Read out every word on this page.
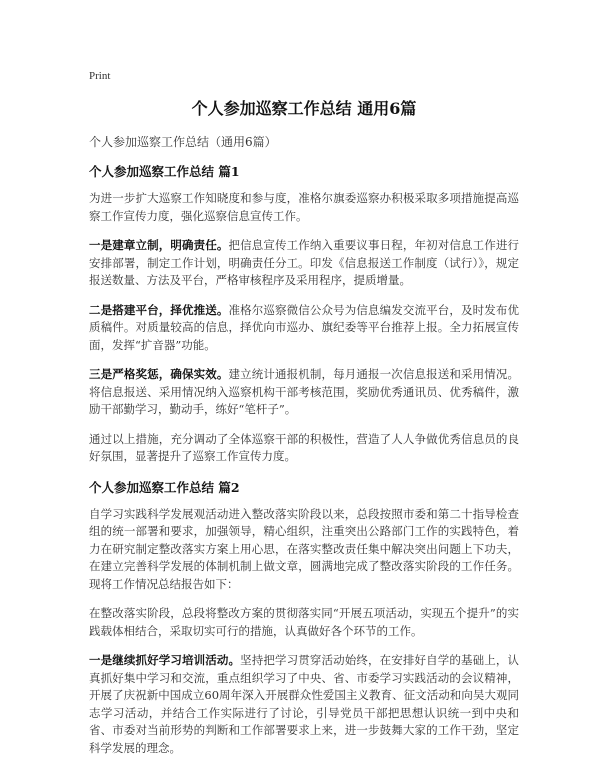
Print
个人参加巡察工作总结 通用6篇

个人参加巡察工作总结（通用6篇）

个人参加巡察工作总结 篇1

为进一步扩大巡察工作知晓度和参与度，准格尔旗委巡察办积极采取多项措施提高巡察工作宣传力度，强化巡察信息宣传工作。

一是建章立制，明确责任。把信息宣传工作纳入重要议事日程，年初对信息工作进行安排部署，制定工作计划，明确责任分工。印发《信息报送工作制度（试行）》，规定报送数量、方法及平台，严格审核程序及采用程序，提质增量。

二是搭建平台，择优推送。准格尔巡察微信公众号为信息编发交流平台，及时发布优质稿件。对质量较高的信息，择优向市巡办、旗纪委等平台推荐上报。全力拓展宣传面，发挥“扩音器”功能。

三是严格奖惩，确保实效。建立统计通报机制，每月通报一次信息报送和采用情况。将信息报送、采用情况纳入巡察机构干部考核范围，奖励优秀通讯员、优秀稿件，激励干部勤学习，勤动手，练好“笔杆子”。

通过以上措施，充分调动了全体巡察干部的积极性，营造了人人争做优秀信息员的良好氛围，显著提升了巡察工作宣传力度。

个人参加巡察工作总结 篇2

自学习实践科学发展观活动进入整改落实阶段以来，总段按照市委和第二十指导检查组的统一部署和要求，加强领导，精心组织，注重突出公路部门工作的实践特色，着力在研究制定整改落实方案上用心思，在落实整改责任集中解决突出问题上下功夫，在建立完善科学发展的体制机制上做文章，圆满地完成了整改落实阶段的工作任务。现将工作情况总结报告如下：

在整改落实阶段，总段将整改方案的贯彻落实同“开展五项活动，实现五个提升”的实践载体相结合，采取切实可行的措施，认真做好各个环节的工作。

一是继续抓好学习培训活动。坚持把学习贯穿活动始终，在安排好自学的基础上，认真抓好集中学习和交流，重点组织学习了中央、省、市委学习实践活动的会议精神，开展了庆祝新中国成立60周年深入开展群众性爱国主义教育、征文活动和向吴大观同志学习活动，并结合工作实际进行了讨论，引导党员干部把思想认识统一到中央和省、市委对当前形势的判断和工作部署要求上来，进一步鼓舞大家的工作干劲，坚定科学发展的理念。
